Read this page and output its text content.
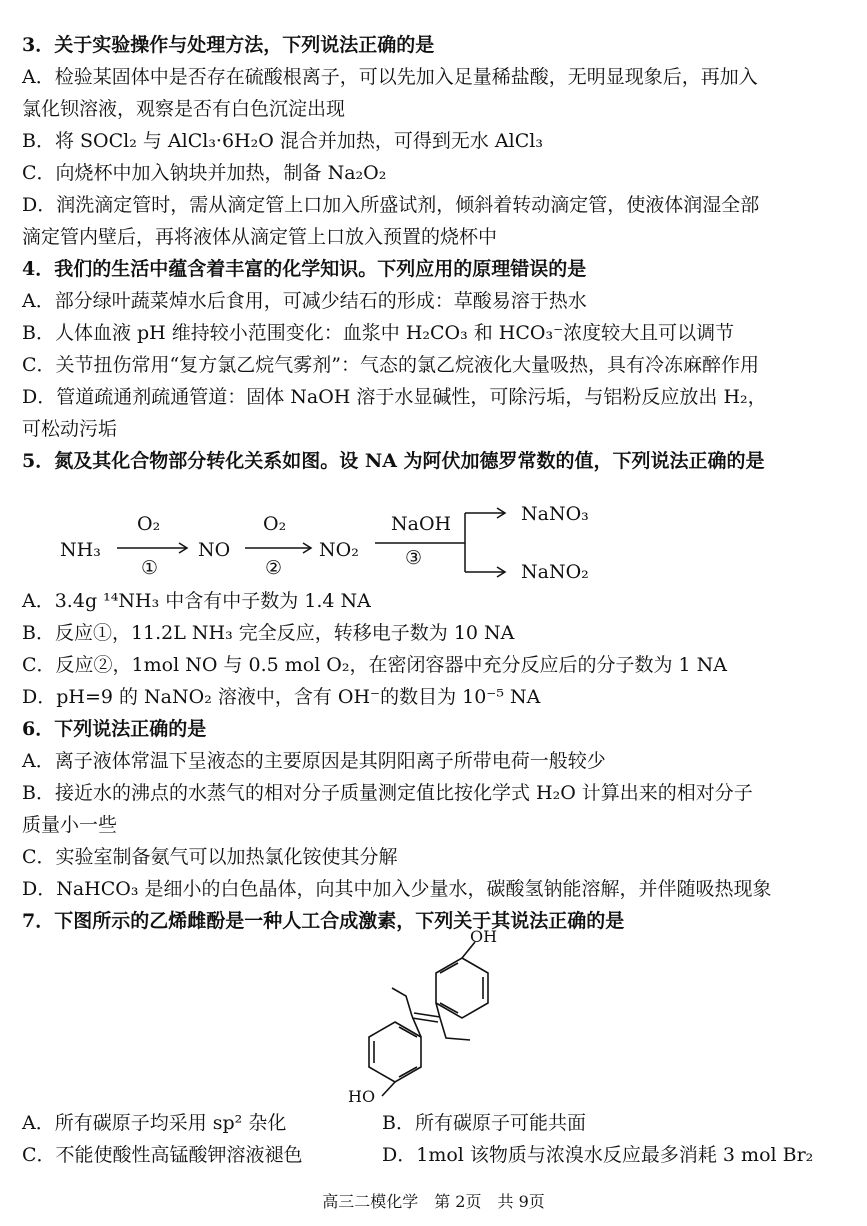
3．关于实验操作与处理方法，下列说法正确的是
A．检验某固体中是否存在硫酸根离子，可以先加入足量稀盐酸，无明显现象后，再加入
氯化钡溶液，观察是否有白色沉淀出现
B．将 SOCl₂ 与 AlCl₃·6H₂O 混合并加热，可得到无水 AlCl₃
C．向烧杯中加入钠块并加热，制备 Na₂O₂
D．润洗滴定管时，需从滴定管上口加入所盛试剂，倾斜着转动滴定管，使液体润湿全部
滴定管内壁后，再将液体从滴定管上口放入预置的烧杯中
4．我们的生活中蕴含着丰富的化学知识。下列应用的原理错误的是
A．部分绿叶蔬菜焯水后食用，可减少结石的形成：草酸易溶于热水
B．人体血液 pH 维持较小范围变化：血浆中 H₂CO₃ 和 HCO₃⁻浓度较大且可以调节
C．关节扭伤常用“复方氯乙烷气雾剂”：气态的氯乙烷液化大量吸热，具有冷冻麻醉作用
D．管道疏通剂疏通管道：固体 NaOH 溶于水显碱性，可除污垢，与铝粉反应放出 H₂，
可松动污垢
5．氮及其化合物部分转化关系如图。设 NA 为阿伏加德罗常数的值，下列说法正确的是
NH₃
O₂
①
NO
O₂
②
NO₂
NaOH
③
NaNO₃
NaNO₂
A．3.4g ¹⁴NH₃ 中含有中子数为 1.4 NA
B．反应①，11.2L NH₃ 完全反应，转移电子数为 10 NA
C．反应②，1mol NO 与 0.5 mol O₂，在密闭容器中充分反应后的分子数为 1 NA
D．pH=9 的 NaNO₂ 溶液中，含有 OH⁻的数目为 10⁻⁵ NA
6．下列说法正确的是
A．离子液体常温下呈液态的主要原因是其阴阳离子所带电荷一般较少
B．接近水的沸点的水蒸气的相对分子质量测定值比按化学式 H₂O 计算出来的相对分子
质量小一些
C．实验室制备氨气可以加热氯化铵使其分解
D．NaHCO₃ 是细小的白色晶体，向其中加入少量水，碳酸氢钠能溶解，并伴随吸热现象
7．下图所示的乙烯雌酚是一种人工合成激素，下列关于其说法正确的是
OH
HO
A．所有碳原子均采用 sp² 杂化	B．所有碳原子可能共面
C．不能使酸性高锰酸钾溶液褪色	D．1mol 该物质与浓溴水反应最多消耗 3 mol Br₂
高三二模化学　第 2页　共 9页
